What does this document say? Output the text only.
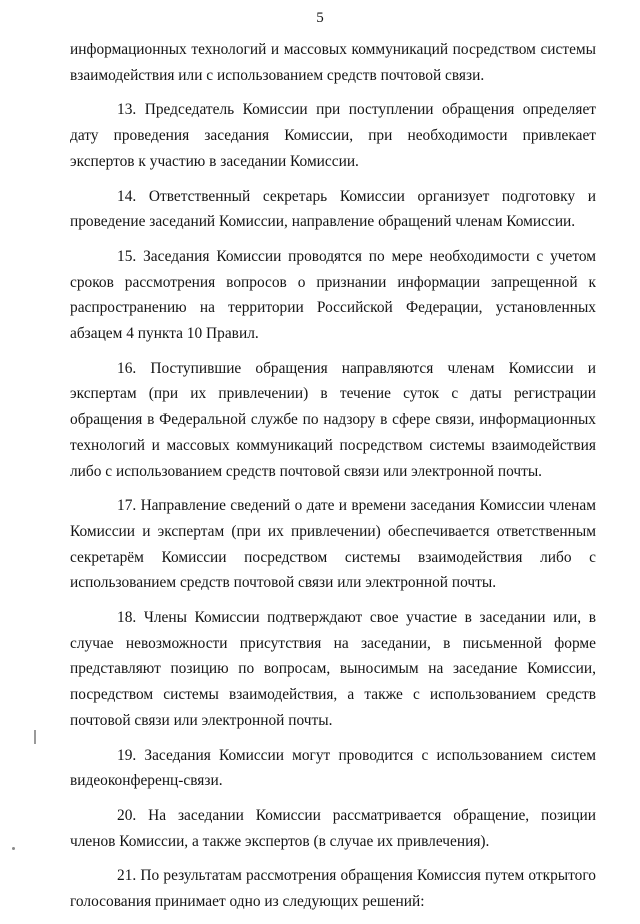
5

информационных технологий и массовых коммуникаций посредством системы взаимодействия или с использованием средств почтовой связи.

13. Председатель Комиссии при поступлении обращения определяет дату проведения заседания Комиссии, при необходимости привлекает экспертов к участию в заседании Комиссии.

14. Ответственный секретарь Комиссии организует подготовку и проведение заседаний Комиссии, направление обращений членам Комиссии.

15. Заседания Комиссии проводятся по мере необходимости с учетом сроков рассмотрения вопросов о признании информации запрещенной к распространению на территории Российской Федерации, установленных абзацем 4 пункта 10 Правил.

16. Поступившие обращения направляются членам Комиссии и экспертам (при их привлечении) в течение суток с даты регистрации обращения в Федеральной службе по надзору в сфере связи, информационных технологий и массовых коммуникаций посредством системы взаимодействия либо с использованием средств почтовой связи или электронной почты.

17. Направление сведений о дате и времени заседания Комиссии членам Комиссии и экспертам (при их привлечении) обеспечивается ответственным секретарём Комиссии посредством системы взаимодействия либо с использованием средств почтовой связи или электронной почты.

18. Члены Комиссии подтверждают свое участие в заседании или, в случае невозможности присутствия на заседании, в письменной форме представляют позицию по вопросам, выносимым на заседание Комиссии, посредством системы взаимодействия, а также с использованием средств почтовой связи или электронной почты.

19. Заседания Комиссии могут проводится с использованием систем видеоконференц-связи.

20. На заседании Комиссии рассматривается обращение, позиции членов Комиссии, а также экспертов (в случае их привлечения).

21. По результатам рассмотрения обращения Комиссия путем открытого голосования принимает одно из следующих решений:
